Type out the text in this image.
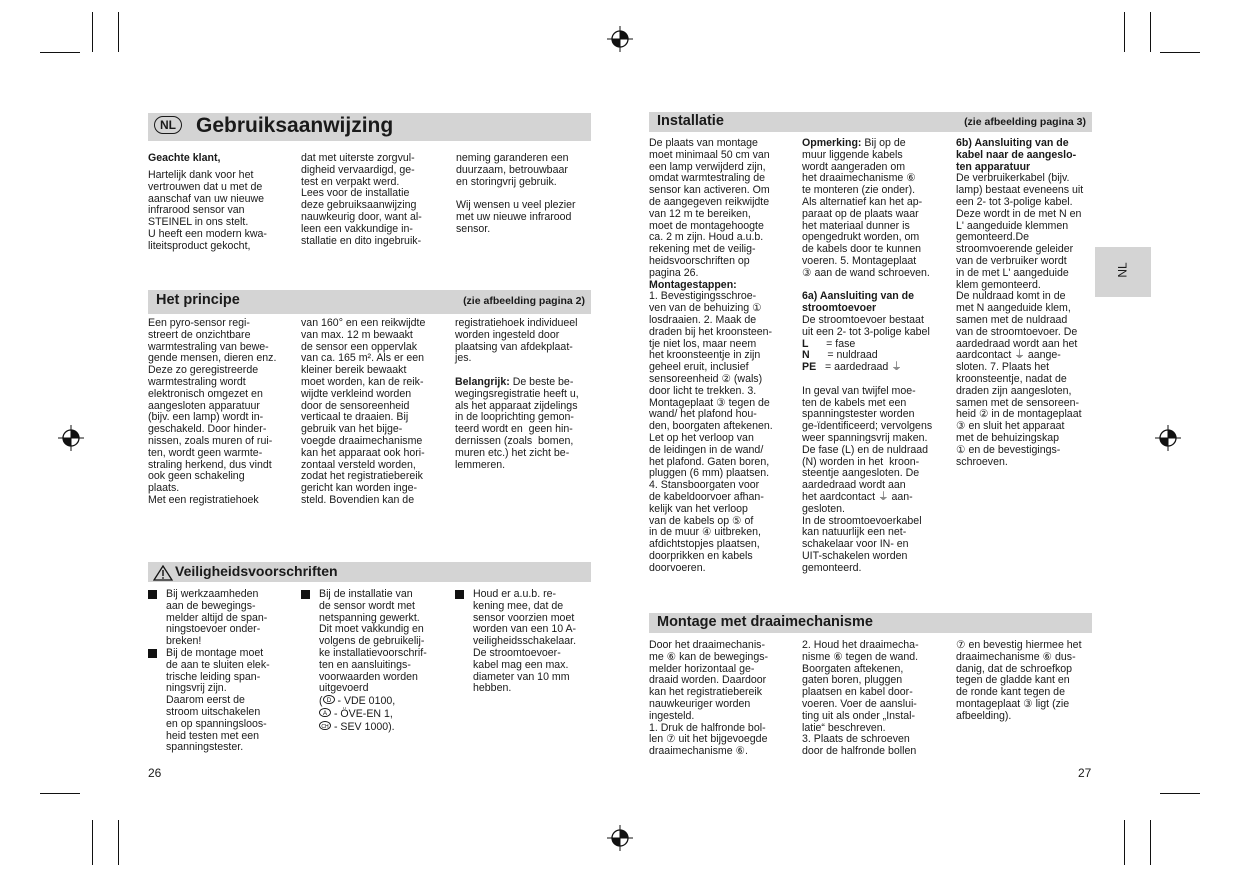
NL Gebruiksaanwijzing
Geachte klant,
Hartelijk dank voor het
vertrouwen dat u met de
aanschaf van uw nieuwe
infrarood sensor van
STEINEL in ons stelt.
U heeft een modern kwa-
liteitsproduct gekocht,
dat met uiterste zorgvul-
digheid vervaardigd, ge-
test en verpakt werd.
Lees voor de installatie
deze gebruiksaanwijzing
nauwkeurig door, want al-
leen een vakkundige in-
stallatie en dito ingebruik-
neming garanderen een
duurzaam, betrouwbaar
en storingvrij gebruik.

Wij wensen u veel plezier
met uw nieuwe infrarood
sensor.
Het principe	(zie afbeelding pagina 2)
Een pyro-sensor regi-
streert de onzichtbare
warmtestraling van bewe-
gende mensen, dieren enz.
Deze zo geregistreerde
warmtestraling wordt
elektronisch omgezet en
aangesloten apparatuur
(bijv. een lamp) wordt in-
geschakeld. Door hinder-
nissen, zoals muren of rui-
ten, wordt geen warmte-
straling herkend, dus vindt
ook geen schakeling
plaats.
Met een registratiehoek
van 160° en een reikwijdte
van max. 12 m bewaakt
de sensor een oppervlak
van ca. 165 m². Als er een
kleiner bereik bewaakt
moet worden, kan de reik-
wijdte verkleind worden
door de sensoreenheid
verticaal te draaien. Bij
gebruik van het bijge-
voegde draaimechanisme
kan het apparaat ook hori-
zontaal versteld worden,
zodat het registratiebereik
gericht kan worden inge-
steld. Bovendien kan de
registratiehoek individueel
worden ingesteld door
plaatsing van afdekplaat-
jes.

Belangrijk: De beste be-
wegingsregistratie heeft u,
als het apparaat zijdelings
in de looprichting gemon-
teerd wordt en  geen hin-
dernissen (zoals  bomen,
muren etc.) het zicht be-
lemmeren.
Veiligheidsvoorschriften
Bij werkzaamheden
aan de bewegings-
melder altijd de span-
ningstoevoer onder-
breken!
Bij de montage moet
de aan te sluiten elek-
trische leiding span-
ningsvrij zijn.
Daarom eerst de
stroom uitschakelen
en op spanningsloos-
heid testen met een
spanningstester.
Bij de installatie van
de sensor wordt met
netspanning gewerkt.
Dit moet vakkundig en
volgens de gebruikelij-
ke installatievoorschrif-
ten en aansluitings-
voorwaarden worden
uitgevoerd
( D - VDE 0100,

A - ÖVE-EN 1,

CH - SEV 1000).
Houd er a.u.b. re-
kening mee, dat de
sensor voorzien moet
worden van een 10 A-
veiligheidsschakelaar.
De stroomtoevoer-
kabel mag een max.
diameter van 10 mm
hebben.
26
Installatie	(zie afbeelding pagina 3)
De plaats van montage
moet minimaal 50 cm van
een lamp verwijderd zijn,
omdat warmtestraling de
sensor kan activeren. Om
de aangegeven reikwijdte
van 12 m te bereiken,
moet de montagehoogte
ca. 2 m zijn. Houd a.u.b.
rekening met de veilig-
heidsvoorschriften op
pagina 26.
Montagestappen:
1. Bevestigingsschroe-
ven van de behuizing ①
losdraaien. 2. Maak de
draden bij het kroonsteen-
tje niet los, maar neem
het kroonsteentje in zijn
geheel eruit, inclusief
sensoreenheid ② (wals)
door licht te trekken. 3.
Montageplaat ③ tegen de
wand/ het plafond hou-
den, boorgaten aftekenen.
Let op het verloop van
de leidingen in de wand/
het plafond. Gaten boren,
pluggen (6 mm) plaatsen.
4. Stansboorgaten voor
de kabeldoorvoer afhan-
kelijk van het verloop
van de kabels op ⑤ of
in de muur ④ uitbreken,
afdichtstopjes plaatsen,
doorprikken en kabels
doorvoeren.
Opmerking: Bij op de
muur liggende kabels
wordt aangeraden om
het draaimechanisme ⑥
te monteren (zie onder).
Als alternatief kan het ap-
paraat op de plaats waar
het materiaal dunner is
opengedrukt worden, om
de kabels door te kunnen
voeren. 5. Montageplaat
③ aan de wand schroeven.

6a) Aansluiting van de
stroomtoevoer
De stroomtoevoer bestaat
uit een 2- tot 3-polige kabel
L = fase
N = nuldraad
PE = aardedraad ⏚

In geval van twijfel moe-
ten de kabels met een
spanningstester worden
ge-ïdentificeerd; vervolgens
weer spanningsvrij maken.
De fase (L) en de nuldraad
(N) worden in het  kroon-
steentje aangesloten. De
aardedraad wordt aan
het aardcontact ⏚ aan-
gesloten.
In de stroomtoevoerkabel
kan natuurlijk een net-
schakelaar voor IN- en
UIT-schakelen worden
gemonteerd.
6b) Aansluiting van de
kabel naar de aangeslo-
ten apparatuur
De verbruikerkabel (bijv.
lamp) bestaat eveneens uit
een 2- tot 3-polige kabel.
Deze wordt in de met N en
L' aangeduide klemmen
gemonteerd.De
stroomvoerende geleider
van de verbruiker wordt
in de met L' aangeduide
klem gemonteerd.
De nuldraad komt in de
met N aangeduide klem,
samen met de nuldraad
van de stroomtoevoer. De
aardedraad wordt aan het
aardcontact ⏚ aange-
sloten. 7. Plaats het
kroonsteentje, nadat de
draden zijn aangesloten,
samen met de sensoreen-
heid ② in de montageplaat
③ en sluit het apparaat
met de behuizingskap
① en de bevestigings-
schroeven.
NL
Montage met draaimechanisme
Door het draaimechanis-
me ⑥ kan de bewegings-
melder horizontaal ge-
draaid worden. Daardoor
kan het registratiebereik
nauwkeuriger worden
ingesteld.
1. Druk de halfronde bol-
len ⑦ uit het bijgevoegde
draaimechanisme ⑥.
2. Houd het draaimecha-
nisme ⑥ tegen de wand.
Boorgaten aftekenen,
gaten boren, pluggen
plaatsen en kabel door-
voeren. Voer de aanslui-
ting uit als onder „Instal-
latie“ beschreven.
3. Plaats de schroeven
door de halfronde bollen
⑦ en bevestig hiermee het
draaimechanisme ⑥ dus-
danig, dat de schroefkop
tegen de gladde kant en
de ronde kant tegen de
montageplaat ③ ligt (zie
afbeelding).
27
